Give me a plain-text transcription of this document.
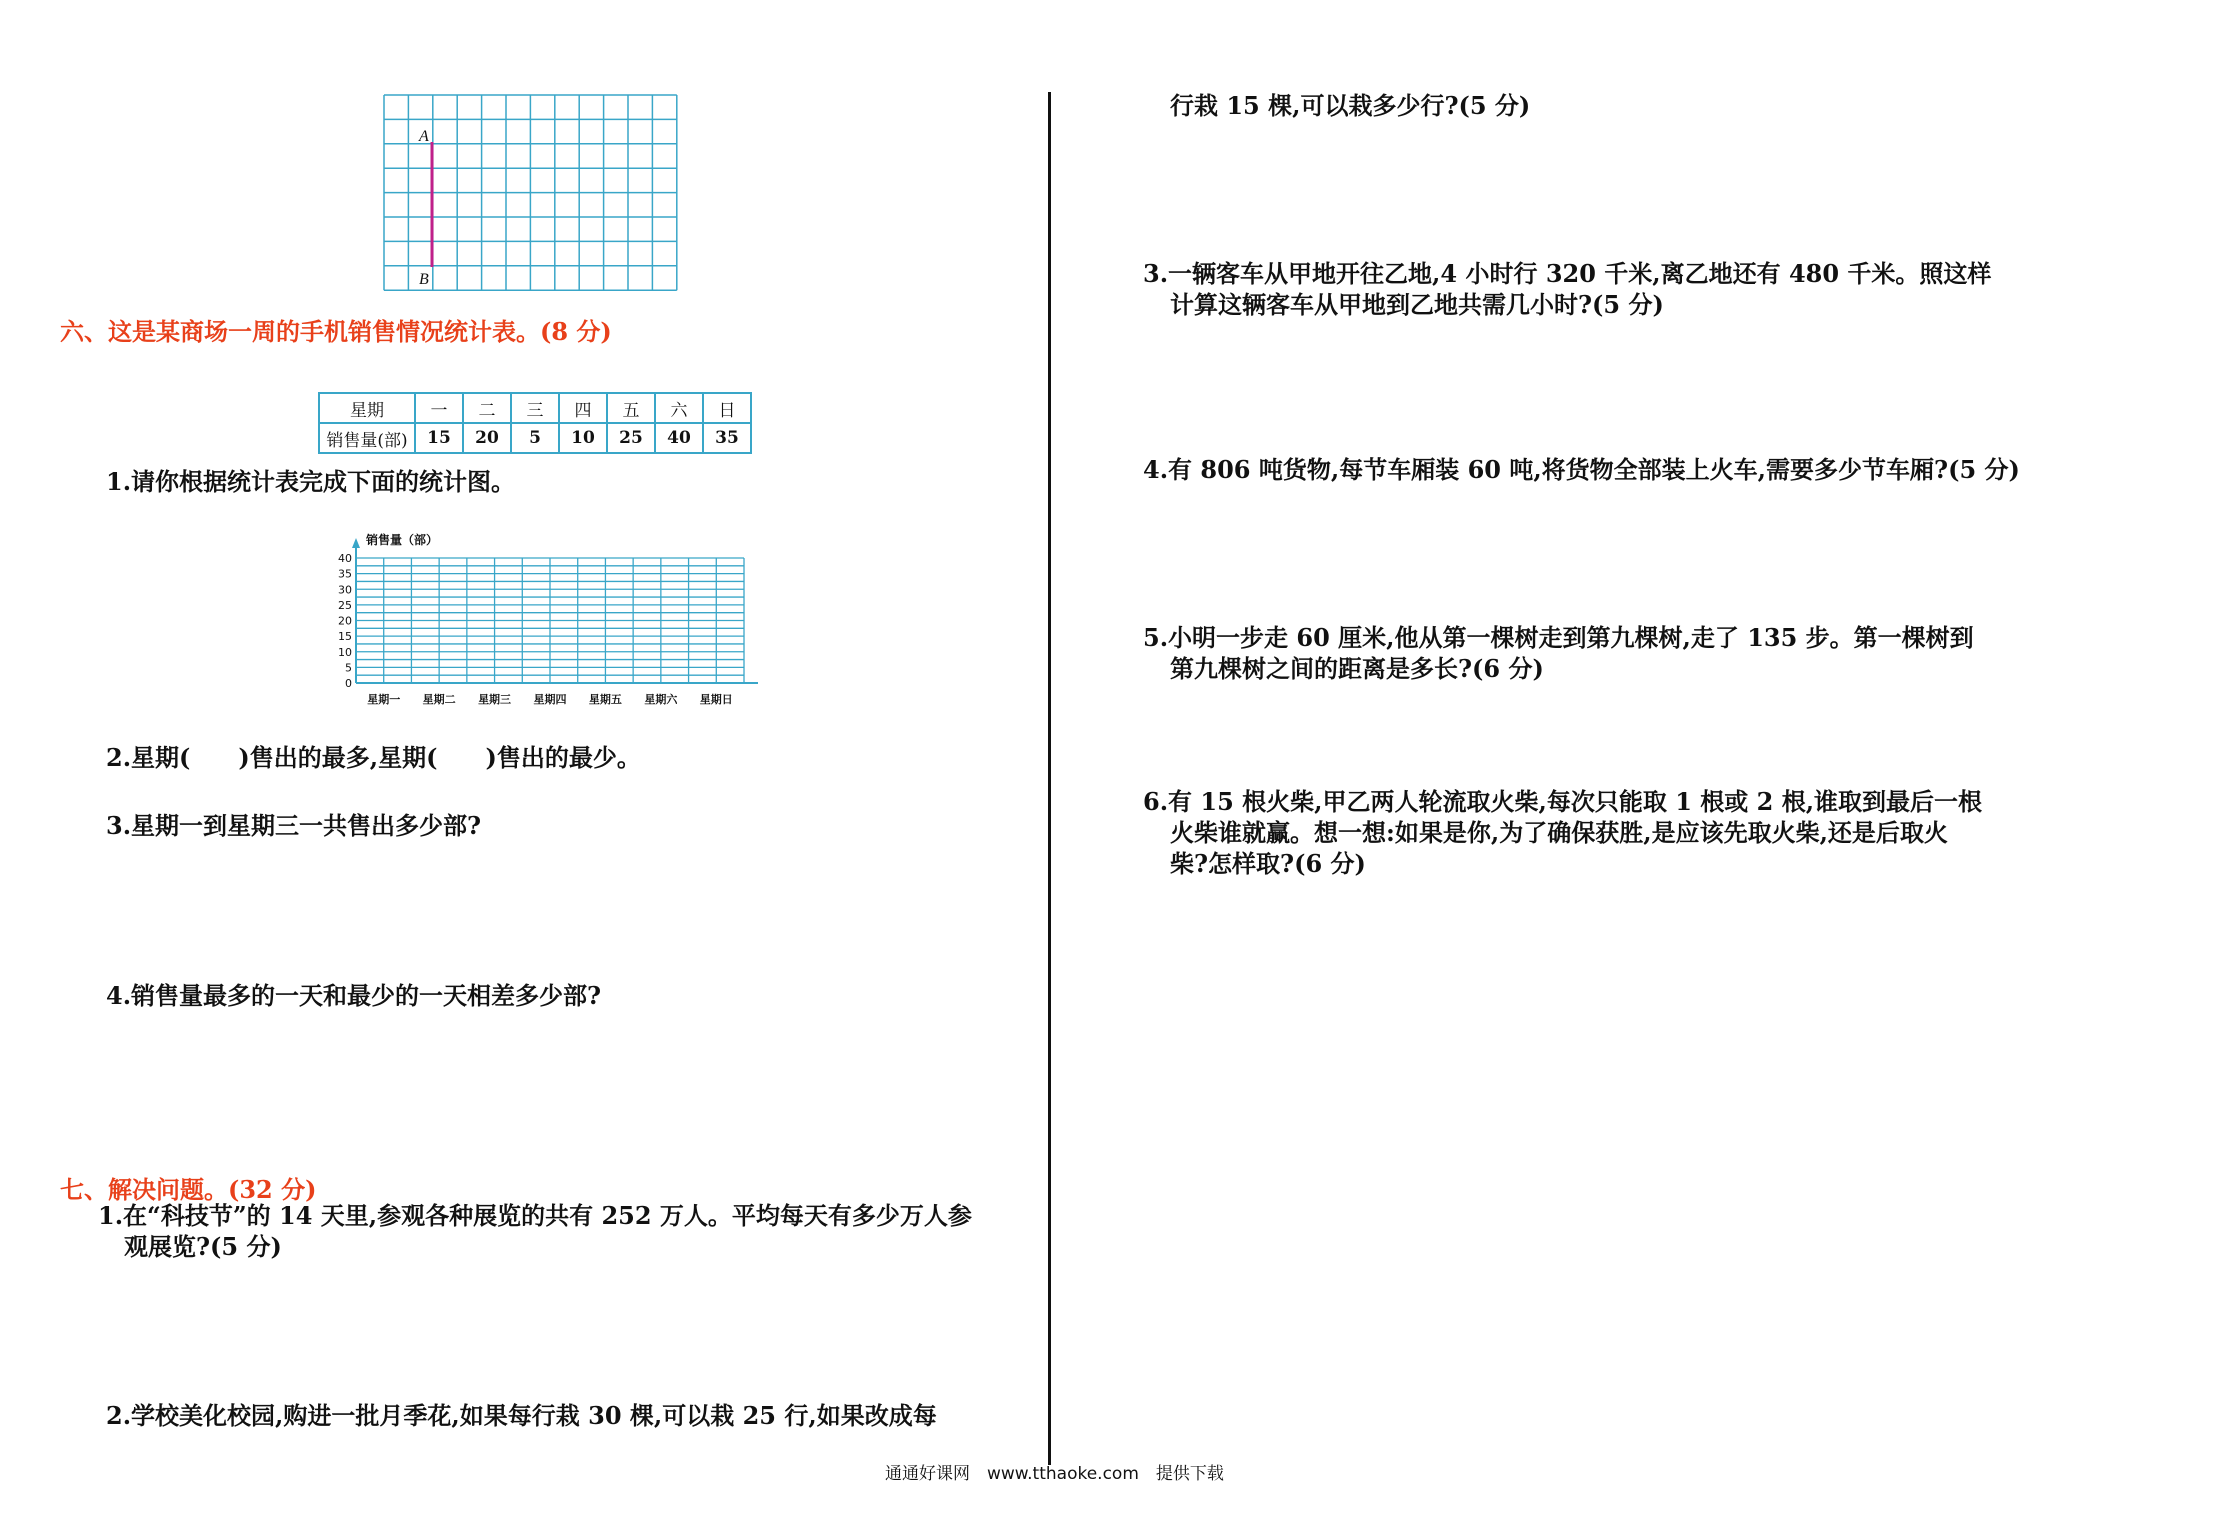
A
B
六、这是某商场一周的手机销售情况统计表。(8 分)
星期	一	二	三	四	五	六	日
销售量(部)	15	20	5	10	25	40	35
1.请你根据统计表完成下面的统计图。
0
5
10
15
20
25
30
35
40
星期一 星期二 星期三 星期四 星期五 星期六 星期日
销售量（部）
2.星期(　　)售出的最多,星期(　　)售出的最少。
3.星期一到星期三一共售出多少部?
4.销售量最多的一天和最少的一天相差多少部?
七、解决问题。(32 分)
1.在“科技节”的 14 天里,参观各种展览的共有 252 万人。平均每天有多少万人参
观展览?(5 分)
2.学校美化校园,购进一批月季花,如果每行栽 30 棵,可以栽 25 行,如果改成每
行栽 15 棵,可以栽多少行?(5 分)
3.一辆客车从甲地开往乙地,4 小时行 320 千米,离乙地还有 480 千米。照这样
计算这辆客车从甲地到乙地共需几小时?(5 分)
4.有 806 吨货物,每节车厢装 60 吨,将货物全部装上火车,需要多少节车厢?(5 分)
5.小明一步走 60 厘米,他从第一棵树走到第九棵树,走了 135 步。第一棵树到
第九棵树之间的距离是多长?(6 分)
6.有 15 根火柴,甲乙两人轮流取火柴,每次只能取 1 根或 2 根,谁取到最后一根
火柴谁就赢。想一想:如果是你,为了确保获胜,是应该先取火柴,还是后取火
柴?怎样取?(6 分)
通通好课网　www.tthaoke.com　提供下载
